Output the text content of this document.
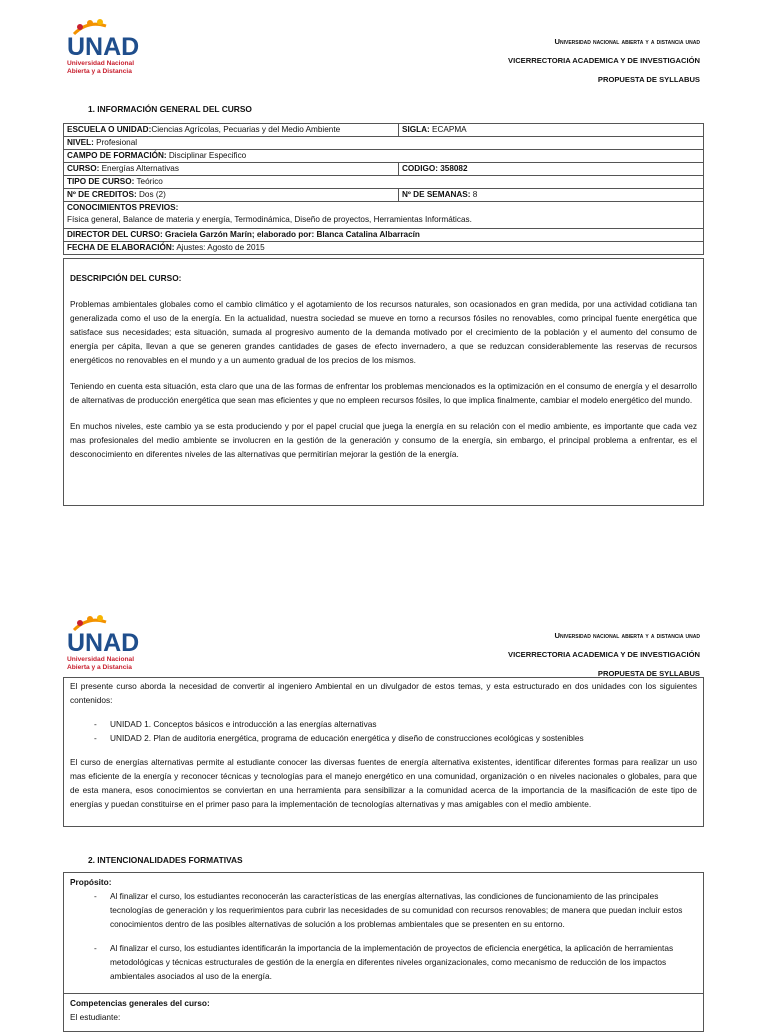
UNAD
Universidad Nacional
Abierta y a Distancia
Universidad nacional abierta y a distancia unad
VICERRECTORIA ACADEMICA Y DE INVESTIGACIÓN
PROPUESTA DE SYLLABUS
1. INFORMACIÓN GENERAL DEL CURSO
ESCUELA O UNIDAD:Ciencias Agrícolas, Pecuarias y del Medio Ambiente	SIGLA: ECAPMA
NIVEL: Profesional	
CAMPO DE FORMACIÓN: Disciplinar Especifico	
CURSO: Energías Alternativas	CODIGO: 358082
TIPO DE CURSO: Teórico	
Nº DE CREDITOS: Dos (2)	Nº DE SEMANAS: 8

CONOCIMIENTOS PREVIOS:
Física general, Balance de materia y energía, Termodinámica, Diseño de proyectos, Herramientas Informáticas.	

DIRECTOR DEL CURSO: Graciela Garzón Marín; elaborado por: Blanca Catalina Albarracín	
FECHA DE ELABORACIÓN: Ajustes: Agosto de 2015	

DESCRIPCIÓN DEL CURSO:

Problemas ambientales globales como el cambio climático y el agotamiento de los recursos naturales, son ocasionados en gran medida, por una actividad cotidiana tan generalizada como el uso de la energía. En la actualidad, nuestra sociedad se mueve en torno a recursos fósiles no renovables, como principal fuente energética que satisface sus necesidades; esta situación, sumada al progresivo aumento de la demanda motivado por el crecimiento de la población y el aumento del consumo de energía per cápita, llevan a que se generen grandes cantidades de gases de efecto invernadero, a que se reduzcan considerablemente las reservas de recursos energéticos no renovables en el mundo y a un aumento gradual de los precios de los mismos.

Teniendo en cuenta esta situación, esta claro que una de las formas de enfrentar los problemas mencionados es la optimización en el consumo de energía y el desarrollo de alternativas de producción energética que sean mas eficientes y que no empleen recursos fósiles, lo que implica finalmente, cambiar el modelo energético del mundo.

En muchos niveles, este cambio ya se esta produciendo y por el papel crucial que juega la energía en su relación con el medio ambiente, es importante que cada vez mas profesionales del medio ambiente se involucren en la gestión de la generación y consumo de la energía, sin embargo, el principal problema a enfrentar, es el desconocimiento en diferentes niveles de las alternativas que permitirían mejorar la gestión de la energía.

UNAD
Universidad Nacional
Abierta y a Distancia
Universidad nacional abierta y a distancia unad
VICERRECTORIA ACADEMICA Y DE INVESTIGACIÓN
PROPUESTA DE SYLLABUS

El presente curso aborda la necesidad de convertir al ingeniero Ambiental en un divulgador de estos temas, y esta estructurado en dos unidades con los siguientes contenidos:

- UNIDAD 1. Conceptos básicos e introducción a las energías alternativas
- UNIDAD 2. Plan de auditoria energética, programa de educación energética y diseño de construcciones ecológicas y sostenibles

El curso de energías alternativas permite al estudiante conocer las diversas fuentes de energía alternativa existentes, identificar diferentes formas para realizar un uso mas eficiente de la energía y reconocer técnicas y tecnologías para el manejo energético en una comunidad, organización o en niveles nacionales o globales, para que de esta manera, esos conocimientos se conviertan en una herramienta para sensibilizar a la comunidad acerca de la importancia de la masificación de este tipo de energías y puedan constituirse en el primer paso para la implementación de tecnologías alternativas y mas amigables con el medio ambiente.

2. INTENCIONALIDADES FORMATIVAS

Propósito:

- Al finalizar el curso, los estudiantes reconocerán las características de las energías alternativas, las condiciones de funcionamiento de las principales tecnologías de generación y los requerimientos para cubrir las necesidades de su comunidad con recursos renovables; de manera que puedan incluir estos conocimientos dentro de las posibles alternativas de solución a los problemas ambientales que se presenten en su entorno.
- Al finalizar el curso, los estudiantes identificarán la importancia de la implementación de proyectos de eficiencia energética, la aplicación de herramientas metodológicas y técnicas estructurales de gestión de la energía en diferentes niveles organizacionales, como mecanismo de reducción de los impactos ambientales asociados al uso de la energía.

Competencias generales del curso:

El estudiante:
